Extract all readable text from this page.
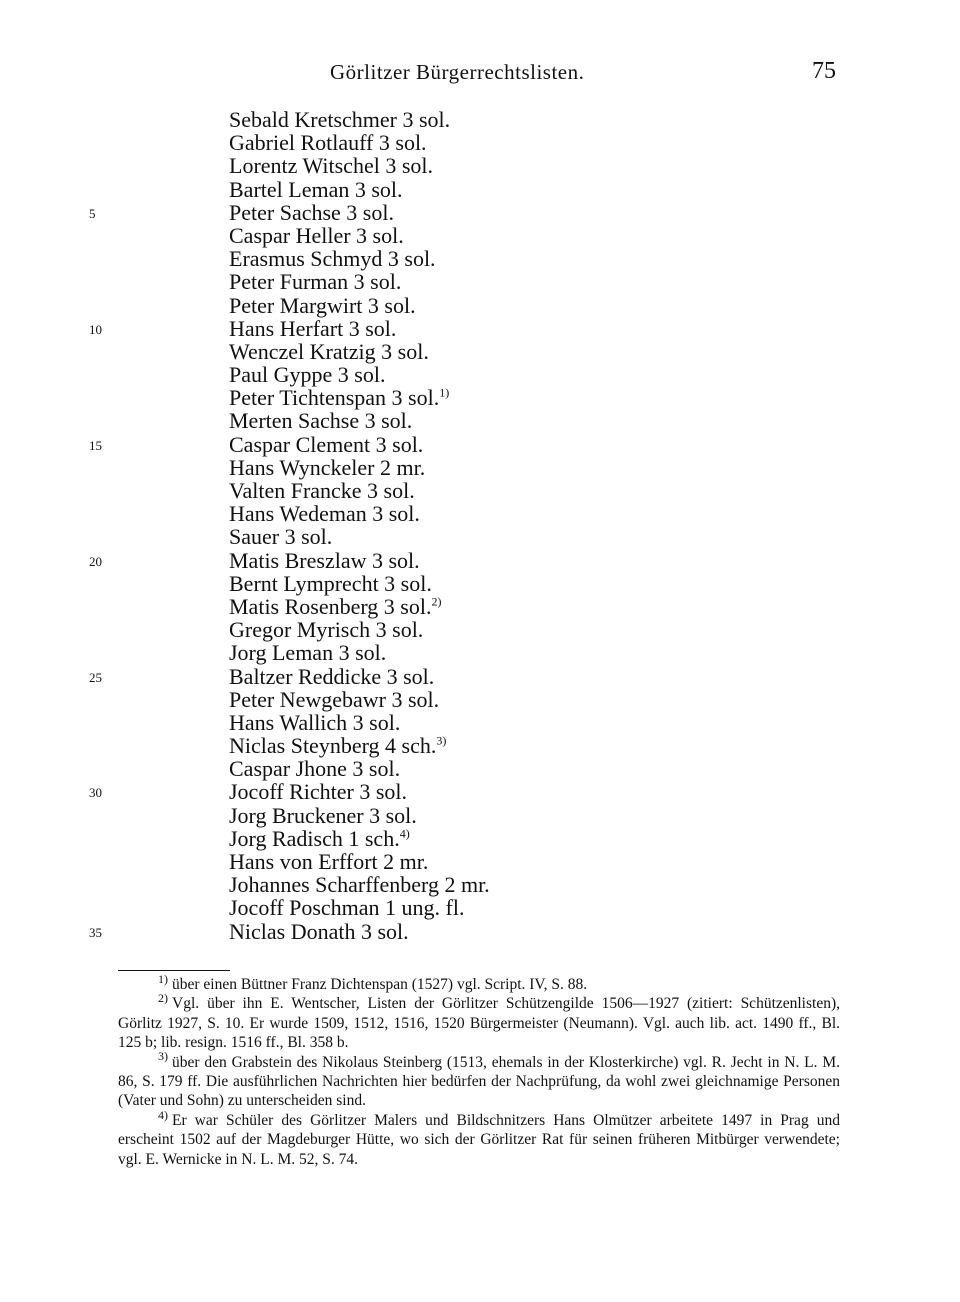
Görlitzer Bürgerrechtslisten.	75
Sebald Kretschmer 3 sol.
Gabriel Rotlauff 3 sol.
Lorentz Witschel 3 sol.
Bartel Leman 3 sol.
5	Peter Sachse 3 sol.
Caspar Heller 3 sol.
Erasmus Schmyd 3 sol.
Peter Furman 3 sol.
Peter Margwirt 3 sol.
10	Hans Herfart 3 sol.
Wenczel Kratzig 3 sol.
Paul Gyppe 3 sol.
Peter Tichtenspan 3 sol.$^{1)}$
Merten Sachse 3 sol.
15	Caspar Clement 3 sol.
Hans Wynckeler 2 mr.
Valten Francke 3 sol.
Hans Wedeman 3 sol.
Sauer 3 sol.
20	Matis Breszlaw 3 sol.
Bernt Lymprecht 3 sol.
Matis Rosenberg 3 sol.$^{2)}$
Gregor Myrisch 3 sol.
Jorg Leman 3 sol.
25	Baltzer Reddicke 3 sol.
Peter Newgebawr 3 sol.
Hans Wallich 3 sol.
Niclas Steynberg 4 sch.$^{3)}$
Caspar Jhone 3 sol.
30	Jocoff Richter 3 sol.
Jorg Bruckener 3 sol.
Jorg Radisch 1 sch.$^{4)}$
Hans von Erffort 2 mr.
Johannes Scharffenberg 2 mr.
Jocoff Poschman 1 ung. fl.
35	Niclas Donath 3 sol.
$^{1)}$ über einen Büttner Franz Dichtenspan (1527) vgl. Script. IV, S. 88.
$^{2)}$ Vgl. über ihn E. Wentscher, Listen der Görlitzer Schützengilde 1506—1927 (zitiert: Schützenlisten), Görlitz 1927, S. 10. Er wurde 1509, 1512, 1516, 1520 Bürgermeister (Neumann). Vgl. auch lib. act. 1490 ff., Bl. 125 b; lib. resign. 1516 ff., Bl. 358 b.
$^{3)}$ über den Grabstein des Nikolaus Steinberg (1513, ehemals in der Klosterkirche) vgl. R. Jecht in N. L. M. 86, S. 179 ff. Die ausführlichen Nachrichten hier bedürfen der Nachprüfung, da wohl zwei gleichnamige Personen (Vater und Sohn) zu unterscheiden sind.
$^{4)}$ Er war Schüler des Görlitzer Malers und Bildschnitzers Hans Olmützer arbeitete 1497 in Prag und erscheint 1502 auf der Magdeburger Hütte, wo sich der Görlitzer Rat für seinen früheren Mitbürger verwendete; vgl. E. Wernicke in N. L. M. 52, S. 74.
